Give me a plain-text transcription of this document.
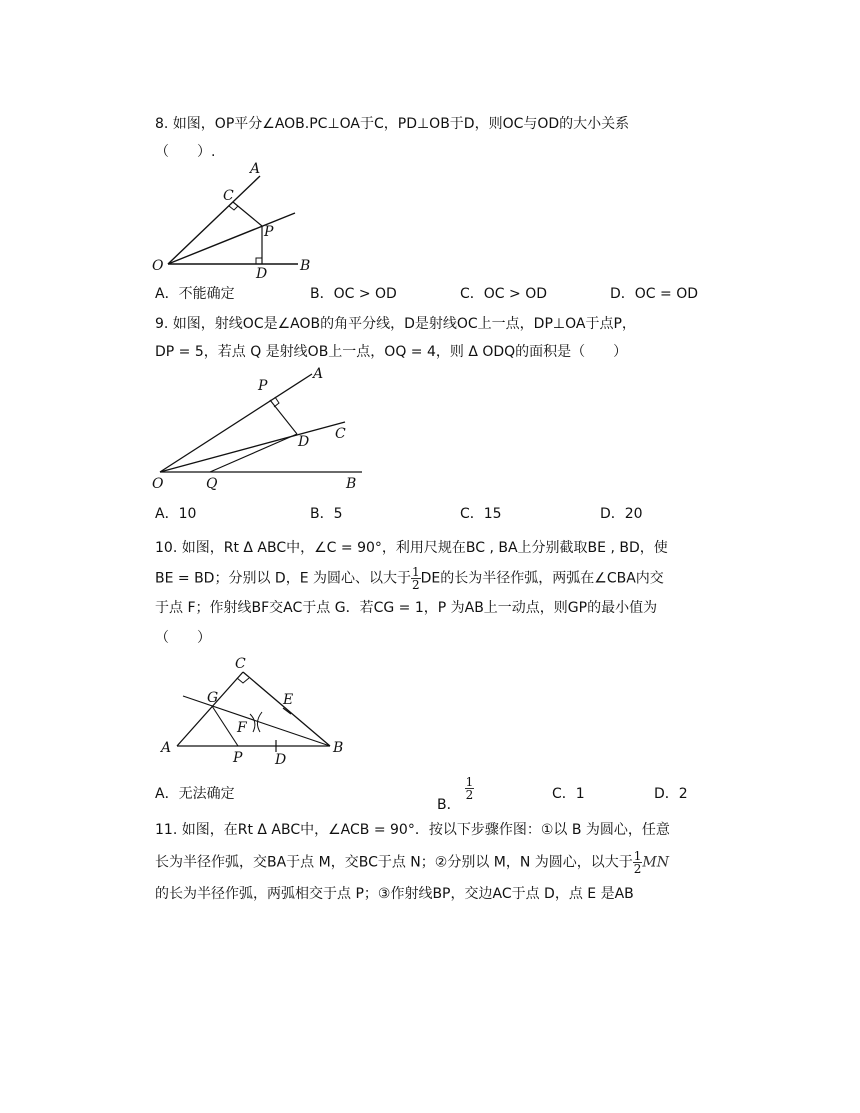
8. 如图，OP平分∠AOB.PC⊥OA于C，PD⊥OB于D，则OC与OD的大小关系
（　　）.
A
C
P
O	D B
A．不能确定	B．OC > OD	C．OC > OD	D．OC = OD
9. 如图，射线OC是∠AOB的角平分线，D是射线OC上一点，DP⊥OA于点P，
DP = 5，若点 Q 是射线OB上一点，OQ = 4，则 Δ ODQ的面积是（　　）
P
A
D C
O	Q	B
A．10	B．5	C．15	D．20
10. 如图，Rt Δ ABC中，∠C = 90°，利用尺规在BC , BA上分别截取BE , BD，使
BE = BD；分别以 D，E 为圆心、以大于 $\frac{1}{2}$ DE的长为半径作弧，两弧在∠CBA内交
于点 F；作射线BF交AC于点 G．若CG = 1，P 为AB上一动点，则GP的最小值为
（　　）
C
G	E
F
A
P D
B
A．无法确定
B．
$\frac{1}{2}$	C．1	D．2
11. 如图，在Rt Δ ABC中，∠ACB = 90°．按以下步骤作图：①以 B 为圆心，任意
长为半径作弧，交BA于点 M，交BC于点 N；②分别以 M，N 为圆心，以大于 $\frac{1}{2}$ MN
的长为半径作弧，两弧相交于点 P；③作射线BP，交边AC于点 D，点 E 是AB
